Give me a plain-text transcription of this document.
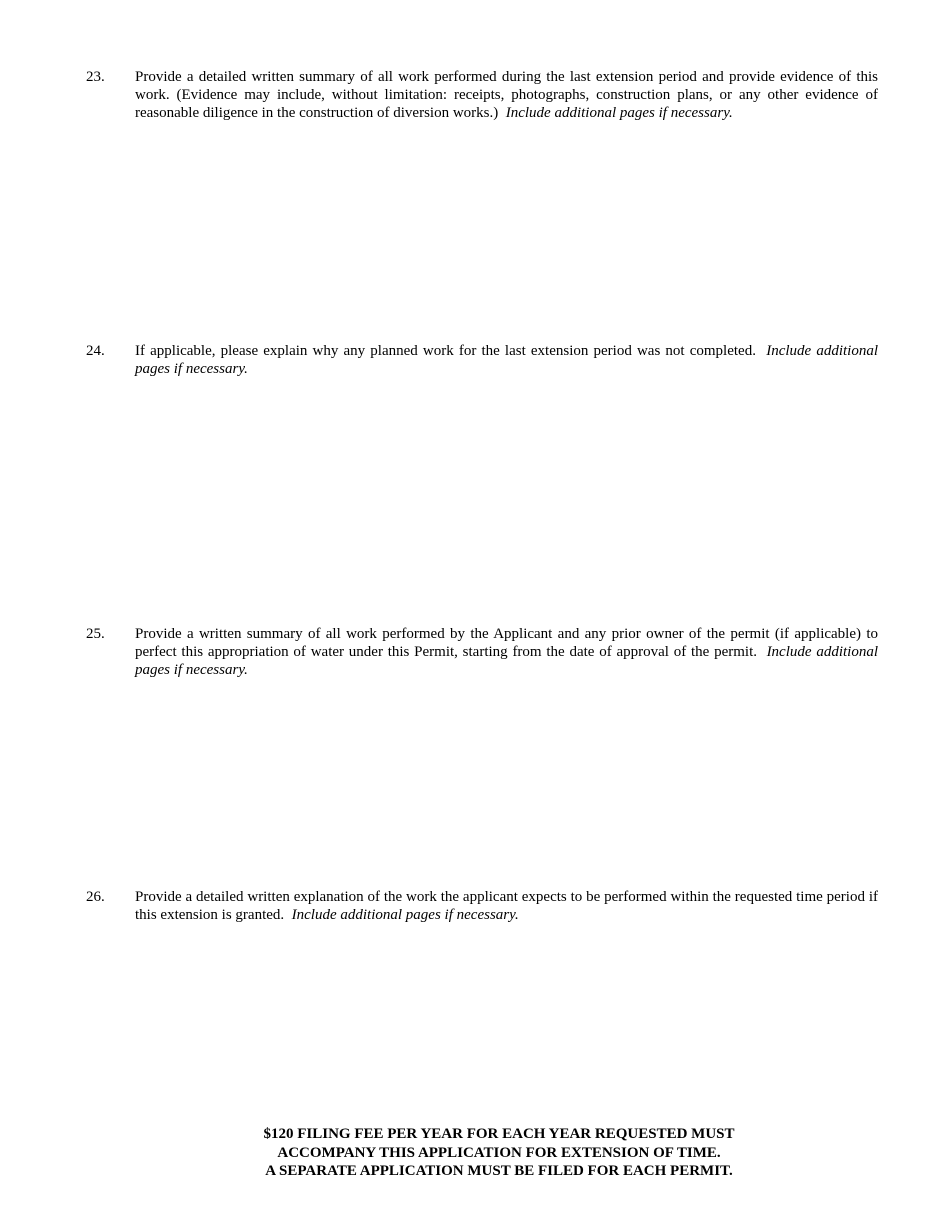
23.	Provide a detailed written summary of all work performed during the last extension period and provide evidence of this work. (Evidence may include, without limitation: receipts, photographs, construction plans, or any other evidence of reasonable diligence in the construction of diversion works.) Include additional pages if necessary.
24.	If applicable, please explain why any planned work for the last extension period was not completed. Include additional pages if necessary.
25.	Provide a written summary of all work performed by the Applicant and any prior owner of the permit (if applicable) to perfect this appropriation of water under this Permit, starting from the date of approval of the permit. Include additional pages if necessary.
26.	Provide a detailed written explanation of the work the applicant expects to be performed within the requested time period if this extension is granted. Include additional pages if necessary.
$120 FILING FEE PER YEAR FOR EACH YEAR REQUESTED MUST
ACCOMPANY THIS APPLICATION FOR EXTENSION OF TIME.
A SEPARATE APPLICATION MUST BE FILED FOR EACH PERMIT.
